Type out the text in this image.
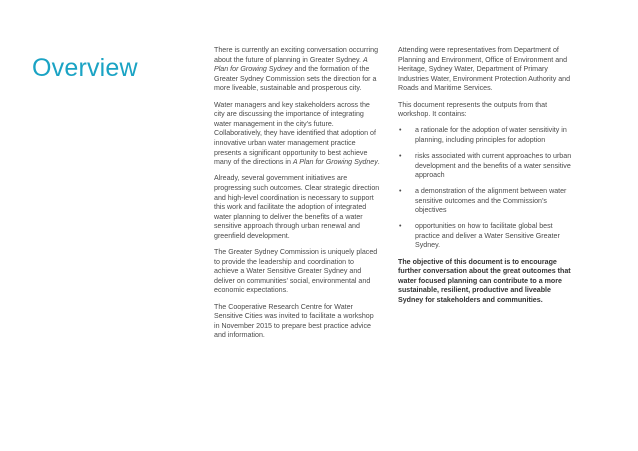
Overview

There is currently an exciting conversation occurring about the future of planning in Greater Sydney. A Plan for Growing Sydney and the formation of the Greater Sydney Commission sets the direction for a more liveable, sustainable and prosperous city.

Water managers and key stakeholders across the city are discussing the importance of integrating water management in the city’s future. Collaboratively, they have identified that adoption of innovative urban water management practice presents a significant opportunity to best achieve many of the directions in A Plan for Growing Sydney.

Already, several government initiatives are progressing such outcomes. Clear strategic direction and high-level coordination is necessary to support this work and facilitate the adoption of integrated water planning to deliver the benefits of a water sensitive approach through urban renewal and greenfield development.

The Greater Sydney Commission is uniquely placed to provide the leadership and coordination to achieve a Water Sensitive Greater Sydney and deliver on communities’ social, environmental and economic expectations.

The Cooperative Research Centre for Water Sensitive Cities was invited to facilitate a workshop in November 2015 to prepare best practice advice and information.

Attending were representatives from Department of Planning and Environment, Office of Environment and Heritage, Sydney Water, Department of Primary Industries Water, Environment Protection Authority and Roads and Maritime Services.

This document represents the outputs from that workshop. It contains:

• a rationale for the adoption of water sensitivity in planning, including principles for adoption
• risks associated with current approaches to urban development and the benefits of a water sensitive approach
• a demonstration of the alignment between water sensitive outcomes and the Commission’s objectives
• opportunities on how to facilitate global best practice and deliver a Water Sensitive Greater Sydney.

The objective of this document is to encourage further conversation about the great outcomes that water focused planning can contribute to a more sustainable, resilient, productive and liveable Sydney for stakeholders and communities.
